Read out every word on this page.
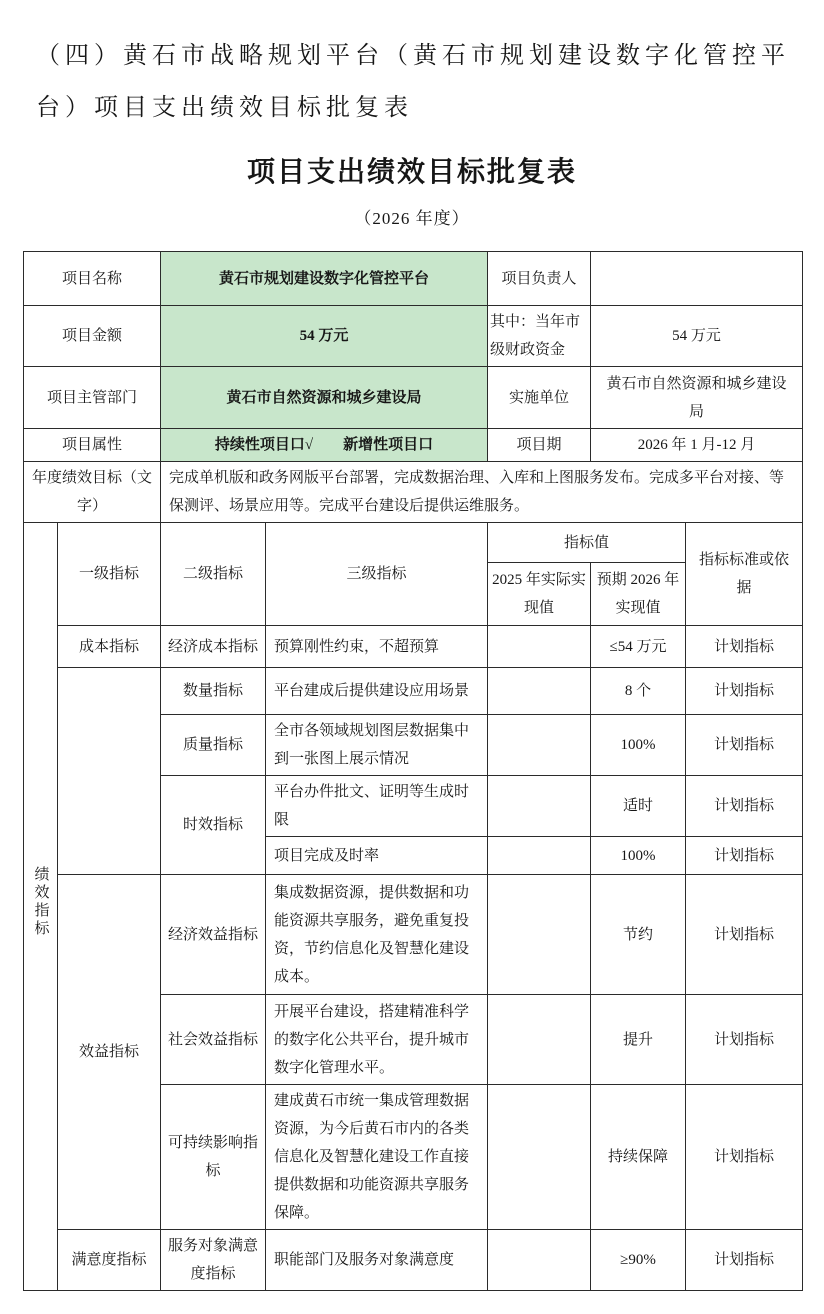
（四）黄石市战略规划平台（黄石市规划建设数字化管控平台）项目支出绩效目标批复表
项目支出绩效目标批复表
（2026 年度）
项目名称		黄石市规划建设数字化管控平台		项目负责人		
项目金额		54 万元		其中：当年市级财政资金	54 万元	
项目主管部门		黄石市自然资源和城乡建设局		实施单位	黄石市自然资源和城乡建设局	
项目属性		持续性项目口√　　新增性项目口		项目期	2026 年 1 月-12 月	
年度绩效目标（文字）		完成单机版和政务网版平台部署，完成数据治理、入库和上图服务发布。完成多平台对接、等保测评、场景应用等。完成平台建设后提供运维服务。				
绩效指标	一级指标	二级指标	三级指标	指标值		指标标准或依据
				2025 年实际实现值	预期 2026 年实现值	
	成本指标	经济成本指标	预算刚性约束，不超预算		≤54 万元	计划指标
		数量指标	平台建成后提供建设应用场景		8 个	计划指标
		质量指标	全市各领域规划图层数据集中到一张图上展示情况		100%	计划指标
		时效指标	平台办件批文、证明等生成时限		适时	计划指标
			项目完成及时率		100%	计划指标
	效益指标	经济效益指标	集成数据资源，提供数据和功能资源共享服务，避免重复投资，节约信息化及智慧化建设成本。		节约	计划指标
		社会效益指标	开展平台建设，搭建精准科学的数字化公共平台，提升城市数字化管理水平。		提升	计划指标
		可持续影响指标	建成黄石市统一集成管理数据资源，为今后黄石市内的各类信息化及智慧化建设工作直接提供数据和功能资源共享服务保障。		持续保障	计划指标
	满意度指标	服务对象满意度指标	职能部门及服务对象满意度		≥90%	计划指标
